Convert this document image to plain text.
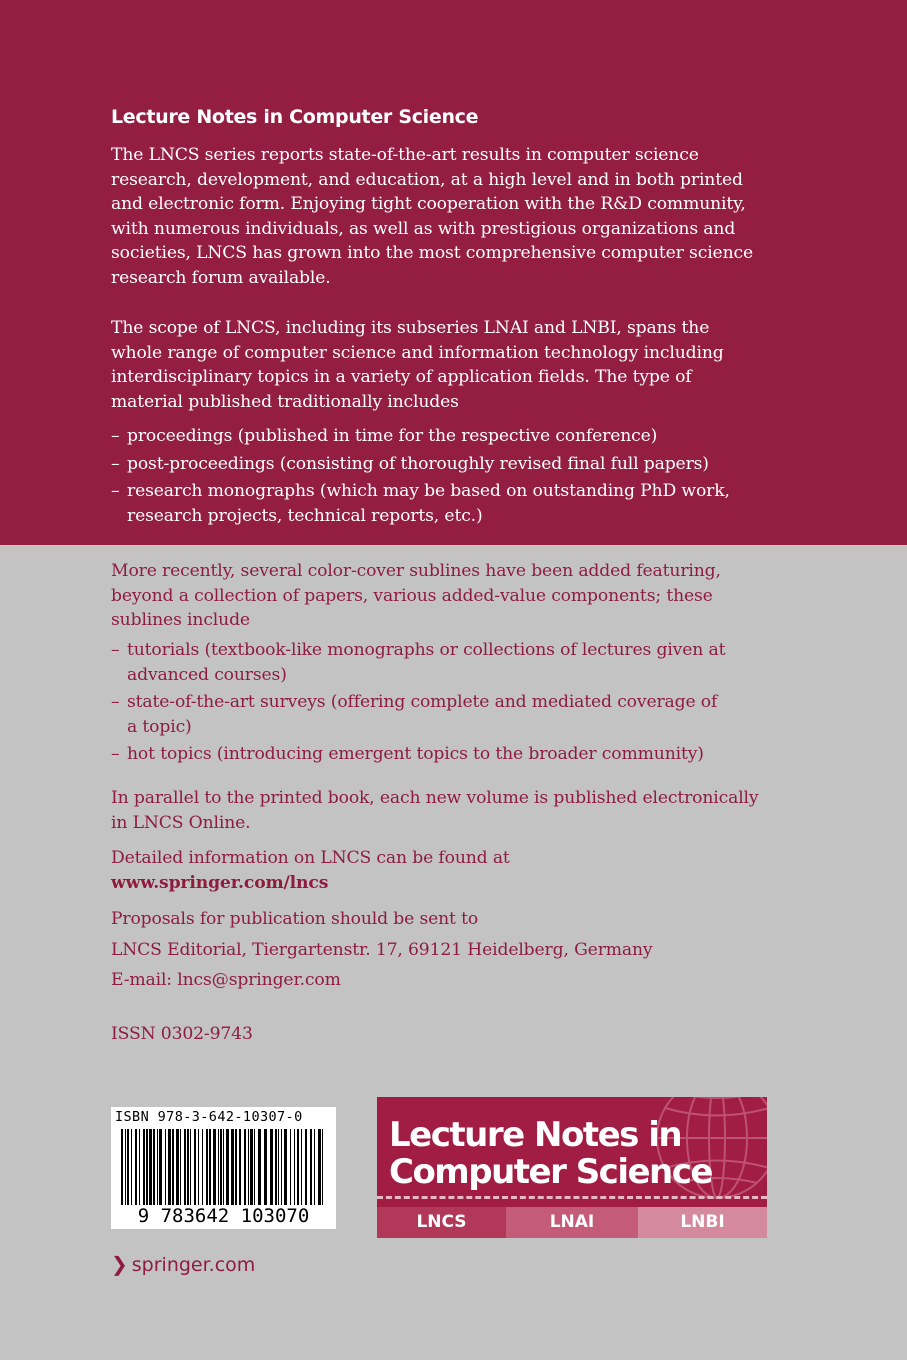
Lecture Notes in Computer Science

The LNCS series reports state-of-the-art results in computer science
research, development, and education, at a high level and in both printed
and electronic form. Enjoying tight cooperation with the R&D community,
with numerous individuals, as well as with prestigious organizations and
societies, LNCS has grown into the most comprehensive computer science
research forum available.

The scope of LNCS, including its subseries LNAI and LNBI, spans the
whole range of computer science and information technology including
interdisciplinary topics in a variety of application fields. The type of
material published traditionally includes

– proceedings (published in time for the respective conference)
– post-proceedings (consisting of thoroughly revised final full papers)
– research monographs (which may be based on outstanding PhD work, research projects, technical reports, etc.)

More recently, several color-cover sublines have been added featuring,
beyond a collection of papers, various added-value components; these
sublines include

– tutorials (textbook-like monographs or collections of lectures given at advanced courses)
– state-of-the-art surveys (offering complete and mediated coverage of a topic)
– hot topics (introducing emergent topics to the broader community)

In parallel to the printed book, each new volume is published electronically
in LNCS Online.

Detailed information on LNCS can be found at
www.springer.com/lncs

Proposals for publication should be sent to

LNCS Editorial, Tiergartenstr. 17, 69121 Heidelberg, Germany

E-mail: lncs@springer.com

ISSN 0302-9743

ISBN 978-3-642-10307-0
9 783642 103070
Lecture Notes in
Computer Science
LNCS	LNAI	LNBI
❯ springer.com
